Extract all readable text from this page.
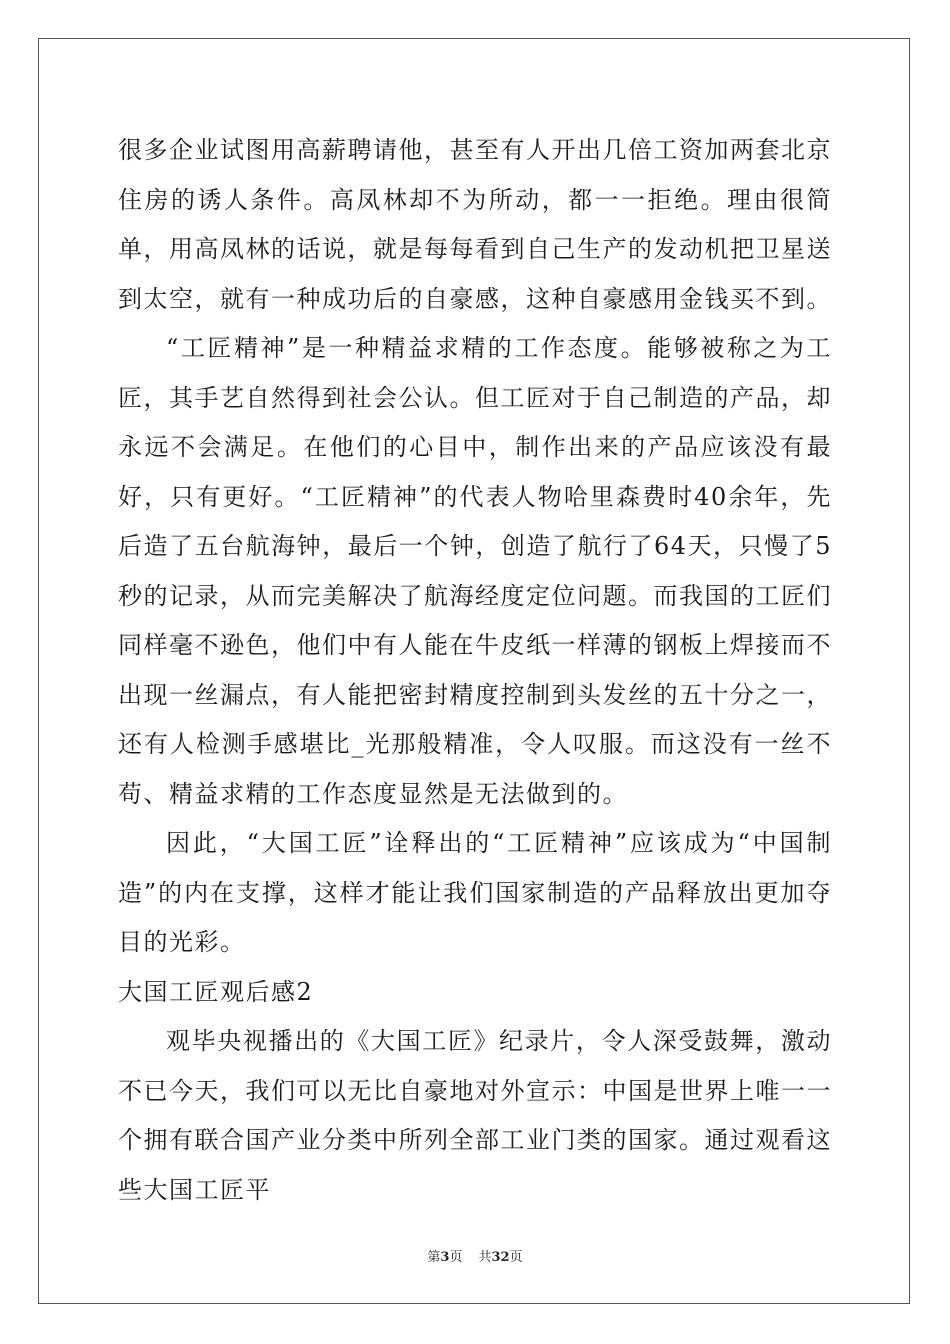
很多企业试图用高薪聘请他，甚至有人开出几倍工资加两套北京住房的诱人条件。高凤林却不为所动，都一一拒绝。理由很简单，用高凤林的话说，就是每每看到自己生产的发动机把卫星送到太空，就有一种成功后的自豪感，这种自豪感用金钱买不到。

“工匠精神”是一种精益求精的工作态度。能够被称之为工匠，其手艺自然得到社会公认。但工匠对于自己制造的产品，却永远不会满足。在他们的心目中，制作出来的产品应该没有最好，只有更好。“工匠精神”的代表人物哈里森费时40余年，先后造了五台航海钟，最后一个钟，创造了航行了64天，只慢了5秒的记录，从而完美解决了航海经度定位问题。而我国的工匠们同样毫不逊色，他们中有人能在牛皮纸一样薄的钢板上焊接而不出现一丝漏点，有人能把密封精度控制到头发丝的五十分之一，还有人检测手感堪比_光那般精准，令人叹服。而这没有一丝不苟、精益求精的工作态度显然是无法做到的。

因此，“大国工匠”诠释出的“工匠精神”应该成为“中国制造”的内在支撑，这样才能让我们国家制造的产品释放出更加夺目的光彩。

大国工匠观后感2

观毕央视播出的《大国工匠》纪录片，令人深受鼓舞，激动不已今天，我们可以无比自豪地对外宣示：中国是世界上唯一一个拥有联合国产业分类中所列全部工业门类的国家。通过观看这些大国工匠平

第3页 共32页
